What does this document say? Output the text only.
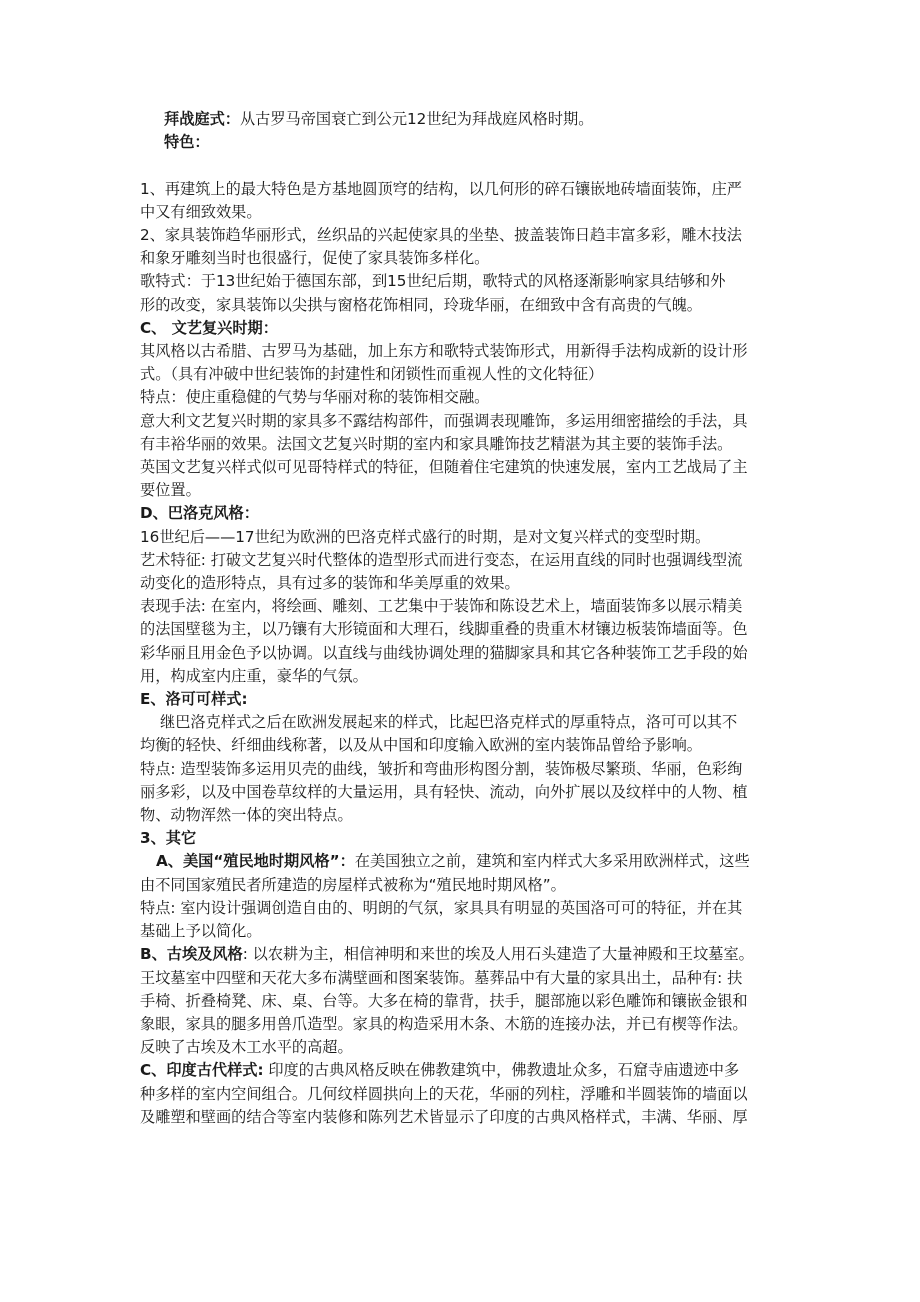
拜战庭式：从古罗马帝国衰亡到公元12世纪为拜战庭风格时期。

特色：

1、再建筑上的最大特色是方基地圆顶穹的结构，以几何形的碎石镶嵌地砖墙面装饰，庄严

中又有细致效果。

2、家具装饰趋华丽形式，丝织品的兴起使家具的坐垫、披盖装饰日趋丰富多彩，雕木技法

和象牙雕刻当时也很盛行，促使了家具装饰多样化。

歌特式：于13世纪始于德国东部，到15世纪后期，歌特式的风格逐渐影响家具结够和外

形的改变，家具装饰以尖拱与窗格花饰相同，玲珑华丽，在细致中含有高贵的气魄。

C、 文艺复兴时期：

其风格以古希腊、古罗马为基础，加上东方和歌特式装饰形式，用新得手法构成新的设计形

式。（具有冲破中世纪装饰的封建性和闭锁性而重视人性的文化特征）

特点：使庄重稳健的气势与华丽对称的装饰相交融。

意大利文艺复兴时期的家具多不露结构部件，而强调表现雕饰，多运用细密描绘的手法，具

有丰裕华丽的效果。法国文艺复兴时期的室内和家具雕饰技艺精湛为其主要的装饰手法。

英国文艺复兴样式似可见哥特样式的特征，但随着住宅建筑的快速发展，室内工艺战局了主

要位置。

D、巴洛克风格：

16世纪后——17世纪为欧洲的巴洛克样式盛行的时期，是对文复兴样式的变型时期。

艺术特征: 打破文艺复兴时代整体的造型形式而进行变态，在运用直线的同时也强调线型流

动变化的造形特点，具有过多的装饰和华美厚重的效果。

表现手法: 在室内，将绘画、雕刻、工艺集中于装饰和陈设艺术上，墙面装饰多以展示精美

的法国壁毯为主，以乃镶有大形镜面和大理石，线脚重叠的贵重木材镶边板装饰墙面等。色

彩华丽且用金色予以协调。以直线与曲线协调处理的猫脚家具和其它各种装饰工艺手段的始

用，构成室内庄重，豪华的气氛。

E、洛可可样式:

继巴洛克样式之后在欧洲发展起来的样式，比起巴洛克样式的厚重特点，洛可可以其不

均衡的轻快、纤细曲线称著，以及从中国和印度输入欧洲的室内装饰品曾给予影响。

特点: 造型装饰多运用贝壳的曲线，皱折和弯曲形构图分割，装饰极尽繁琐、华丽，色彩绚

丽多彩，以及中国卷草纹样的大量运用，具有轻快、流动，向外扩展以及纹样中的人物、植

物、动物浑然一体的突出特点。

3、其它

A、美国“殖民地时期风格”：在美国独立之前，建筑和室内样式大多采用欧洲样式，这些

由不同国家殖民者所建造的房屋样式被称为“殖民地时期风格”。

特点: 室内设计强调创造自由的、明朗的气氛，家具具有明显的英国洛可可的特征，并在其

基础上予以简化。

B、古埃及风格: 以农耕为主，相信神明和来世的埃及人用石头建造了大量神殿和王坟墓室。

王坟墓室中四壁和天花大多布满壁画和图案装饰。墓葬品中有大量的家具出土，品种有: 扶

手椅、折叠椅凳、床、桌、台等。大多在椅的靠背，扶手，腿部施以彩色雕饰和镶嵌金银和

象眼，家具的腿多用兽爪造型。家具的构造采用木条、木筋的连接办法，并已有楔等作法。

反映了古埃及木工水平的高超。

C、印度古代样式: 印度的古典风格反映在佛教建筑中，佛教遗址众多，石窟寺庙遗迹中多

种多样的室内空间组合。几何纹样圆拱向上的天花，华丽的列柱，浮雕和半圆装饰的墙面以

及雕塑和壁画的结合等室内装修和陈列艺术皆显示了印度的古典风格样式，丰满、华丽、厚
